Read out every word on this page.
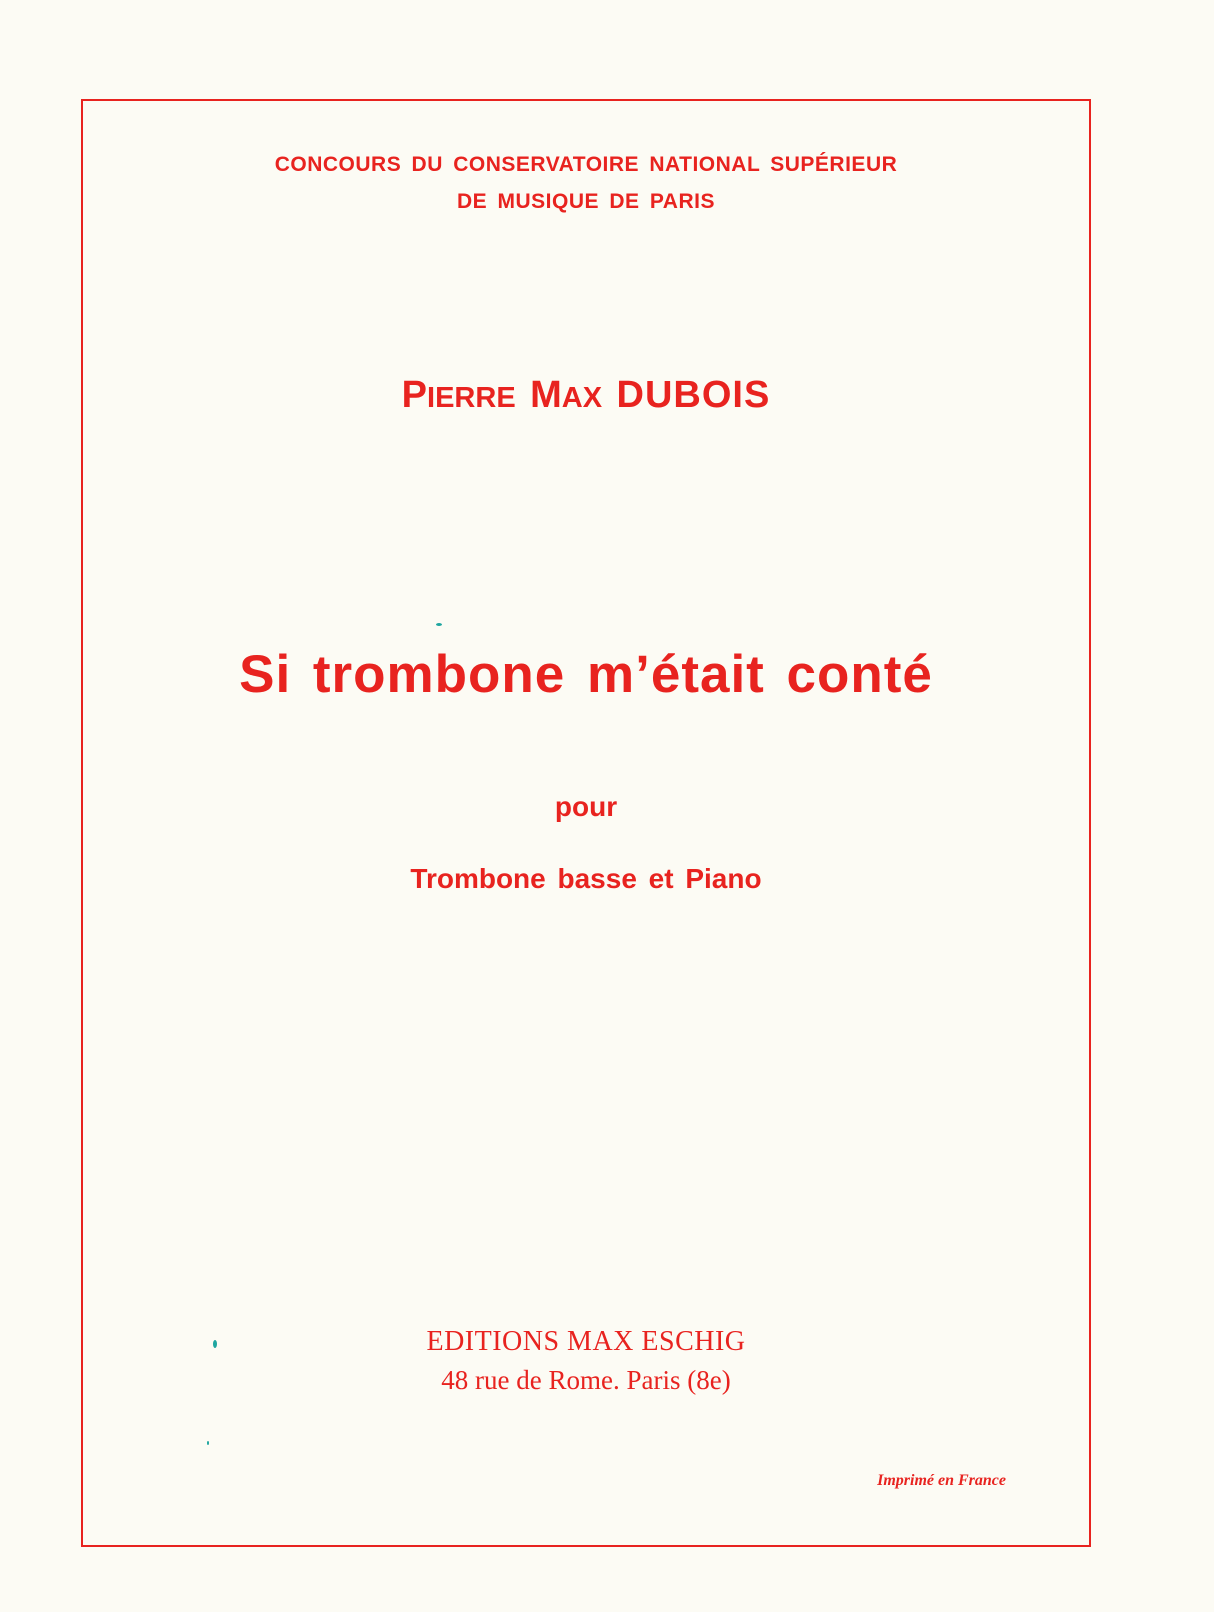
CONCOURS DU CONSERVATOIRE NATIONAL SUPÉRIEUR
DE MUSIQUE DE PARIS
PIERRE MAX DUBOIS
Si trombone m’était conté
pour
Trombone basse et Piano
EDITIONS MAX ESCHIG
48 rue de Rome. Paris (8e)
Imprimé en France
